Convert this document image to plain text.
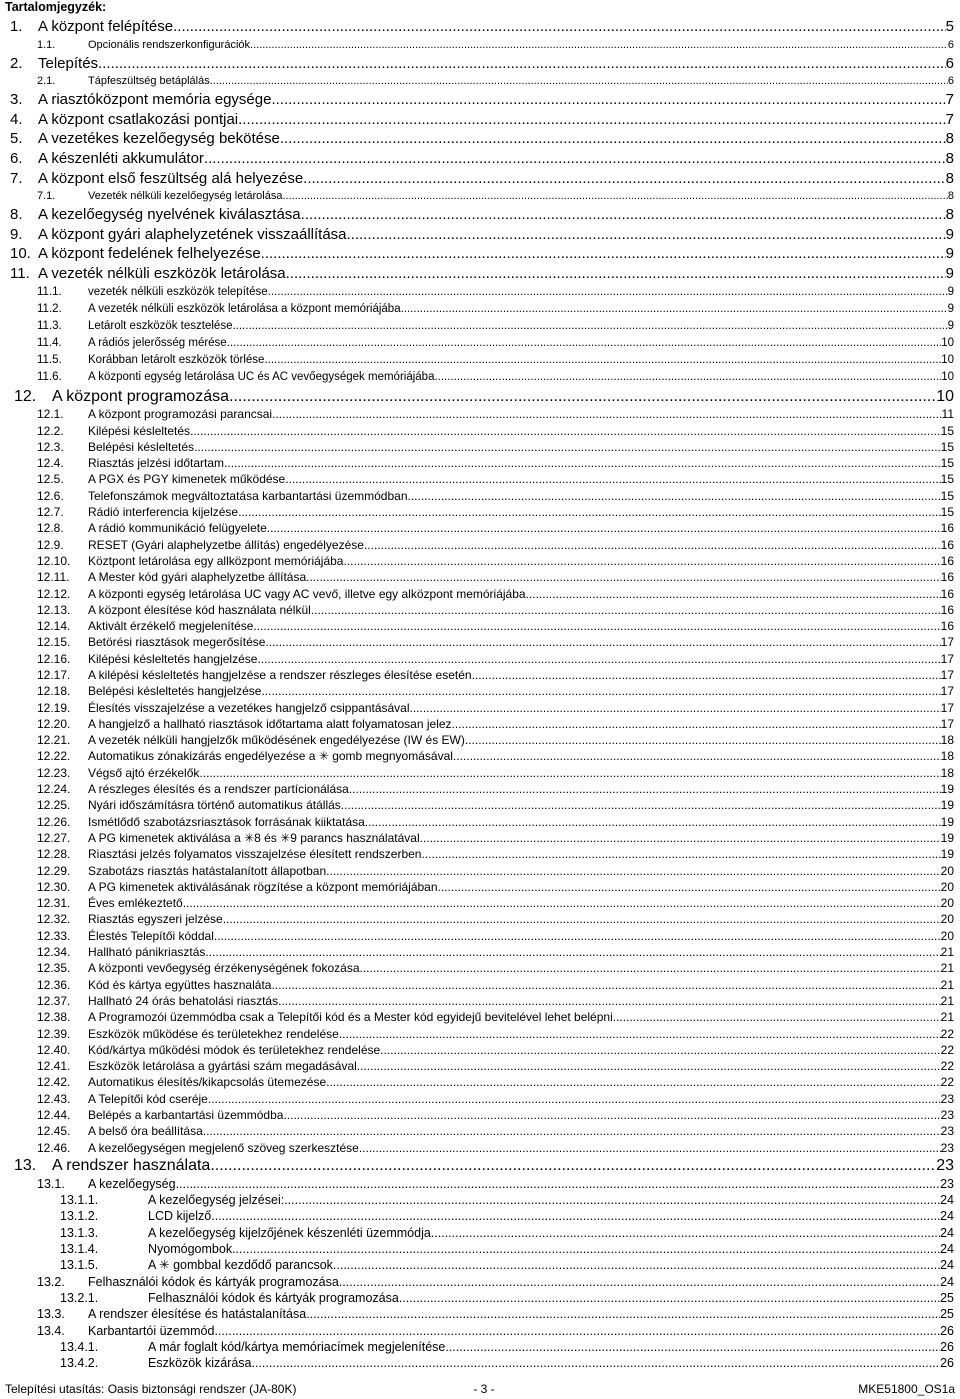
Tartalomjegyzék:
1.	A központ felépítése .....	5
1.1.	Opcionális rendszerkonfigurációk .....	6
2.	Telepítés .....	6
2.1.	Tápfeszültség betáplálás .....	6
3.	A riasztóközpont memória egysége .....	7
4.	A központ csatlakozási pontjai .....	7
5.	A vezetékes kezelőegység bekötése .....	8
6.	A készenléti akkumulátor .....	8
7.	A központ első feszültség alá helyezése .....	8
7.1.	Vezeték nélküli kezelőegység letárolása .....	8
8.	A kezelőegység nyelvének kiválasztása .....	8
9.	A központ gyári alaphelyzetének visszaállítása .....	9
10. A központ fedelének felhelyezése .....	9
11. A vezeték nélküli eszközök letárolása .....	9
11.1.	vezeték nélküli eszközök telepítése .....	9
11.2.	A vezeték nélküli eszközök letárolása a központ memóriájába .....	9
11.3.	Letárolt eszközök tesztelése .....	9
11.4.	A rádiós jelerősség mérése .....	10
11.5.	Korábban letárolt eszközök törlése .....	10
11.6.	A központi egység letárolása UC és AC vevőegységek memóriájába .....	10
12. A központ programozása .....	10
12.1.	A központ programozási parancsai .....	11
12.2.	Kilépési késleltetés .....	15
12.3.	Belépési késleltetés .....	15
12.4.	Riasztás jelzési időtartam .....	15
12.5.	A PGX és PGY kimenetek működése .....	15
12.6.	Telefonszámok megváltoztatása karbantartási üzemmódban .....	15
12.7.	Rádió interferencia kijelzése .....	15
12.8.	A rádió kommunikáció felügyelete .....	16
12.9.	RESET (Gyári alaphelyzetbe állítás) engedélyezése .....	16
12.10.	Köztpont letárolása egy allközpont memóriájába .....	16
12.11.	A Mester kód gyári alaphelyzetbe állítása .....	16
12.12.	A központi egység letárolása UC vagy AC vevő, illetve egy alközpont memóriájába .....	16
12.13.	A központ élesítése kód használata nélkül .....	16
12.14.	Aktivált érzékelő megjelenítése .....	16
12.15.	Betörési riasztások megerősítése .....	17
12.16.	Kilépési késleltetés hangjelzése .....	17
12.17.	A kilépési késleltetés hangjelzése a rendszer részleges élesítése esetén .....	17
12.18.	Belépési késleltetés hangjelzése .....	17
12.19.	Élesítés visszajelzése a vezetékes hangjelző csippantásával .....	17
12.20.	A hangjelző a hallható riasztások időtartama alatt folyamatosan jelez .....	17
12.21.	A vezeték nélküli hangjelzők működésének engedélyezése (IW és EW) .....	18
12.22.	Automatikus zónakizárás engedélyezése a ✳ gomb megnyomásával .....	18
12.23.	Végső ajtó érzékelők .....	18
12.24.	A részleges élesítés és a rendszer partícionálása .....	19
12.25.	Nyári időszámításra történő automatikus átállás .....	19
12.26.	Ismétlődő szabotázsriasztások forrásának kiiktatása .....	19
12.27.	A PG kimenetek aktiválása a ✳8 és ✳9 parancs használatával .....	19
12.28.	Riasztási jelzés folyamatos visszajelzése élesített rendszerben .....	19
12.29.	Szabotázs riasztás hatástalanított állapotban .....	20
12.30.	A PG kimenetek aktiválásának rögzítése a központ memóriájában .....	20
12.31.	Éves emlékeztető .....	20
12.32.	Riasztás egyszeri jelzése .....	20
12.33.	Élestés Telepítői kóddal .....	20
12.34.	Hallható pánikriasztás .....	21
12.35.	A központi vevőegység érzékenységének fokozása .....	21
12.36.	Kód és kártya együttes hasznaláta .....	21
12.37.	Hallható 24 órás behatolási riasztás .....	21
12.38.	A Programozói üzemmódba csak a Telepítői kód és a Mester kód egyidejű bevitelével lehet belépni .....	21
12.39.	Eszközök működése és területekhez rendelése .....	22
12.40.	Kód/kártya működési módok és területekhez rendelése .....	22
12.41.	Eszközök letárolása a gyártási szám megadásával .....	22
12.42.	Automatikus élesítés/kikapcsolás ütemezése .....	22
12.43.	A Telepítői kód cseréje .....	23
12.44.	Belépés a karbantartási üzemmódba .....	23
12.45.	A belső óra beállítása .....	23
12.46.	A kezelőegységen megjelenő szöveg szerkesztése .....	23
13. A rendszer használata .....	23
13.1.	A kezelőegység .....	23
13.1.1.	A kezelőegység jelzései: .....	24
13.1.2.	LCD kijelző .....	24
13.1.3.	A kezelőegység kijelzőjének készenléti üzemmódja .....	24
13.1.4.	Nyomógombok .....	24
13.1.5.	A ✳ gombbal kezdődő parancsok .....	24
13.2.	Felhasználói kódok és kártyák programozása .....	24
13.2.1.	Felhasználói kódok és kártyák programozása .....	25
13.3.	A rendszer élesítése és hatástalanítása .....	25
13.4.	Karbantartói üzemmód .....	26
13.4.1.	A már foglalt kód/kártya memóriacímek megjelenítése .....	26
13.4.2.	Eszközök kizárása .....	26
Telepítési utasítás: Oasis biztonsági rendszer (JA-80K)	- 3 -	MKE51800_OS1a
